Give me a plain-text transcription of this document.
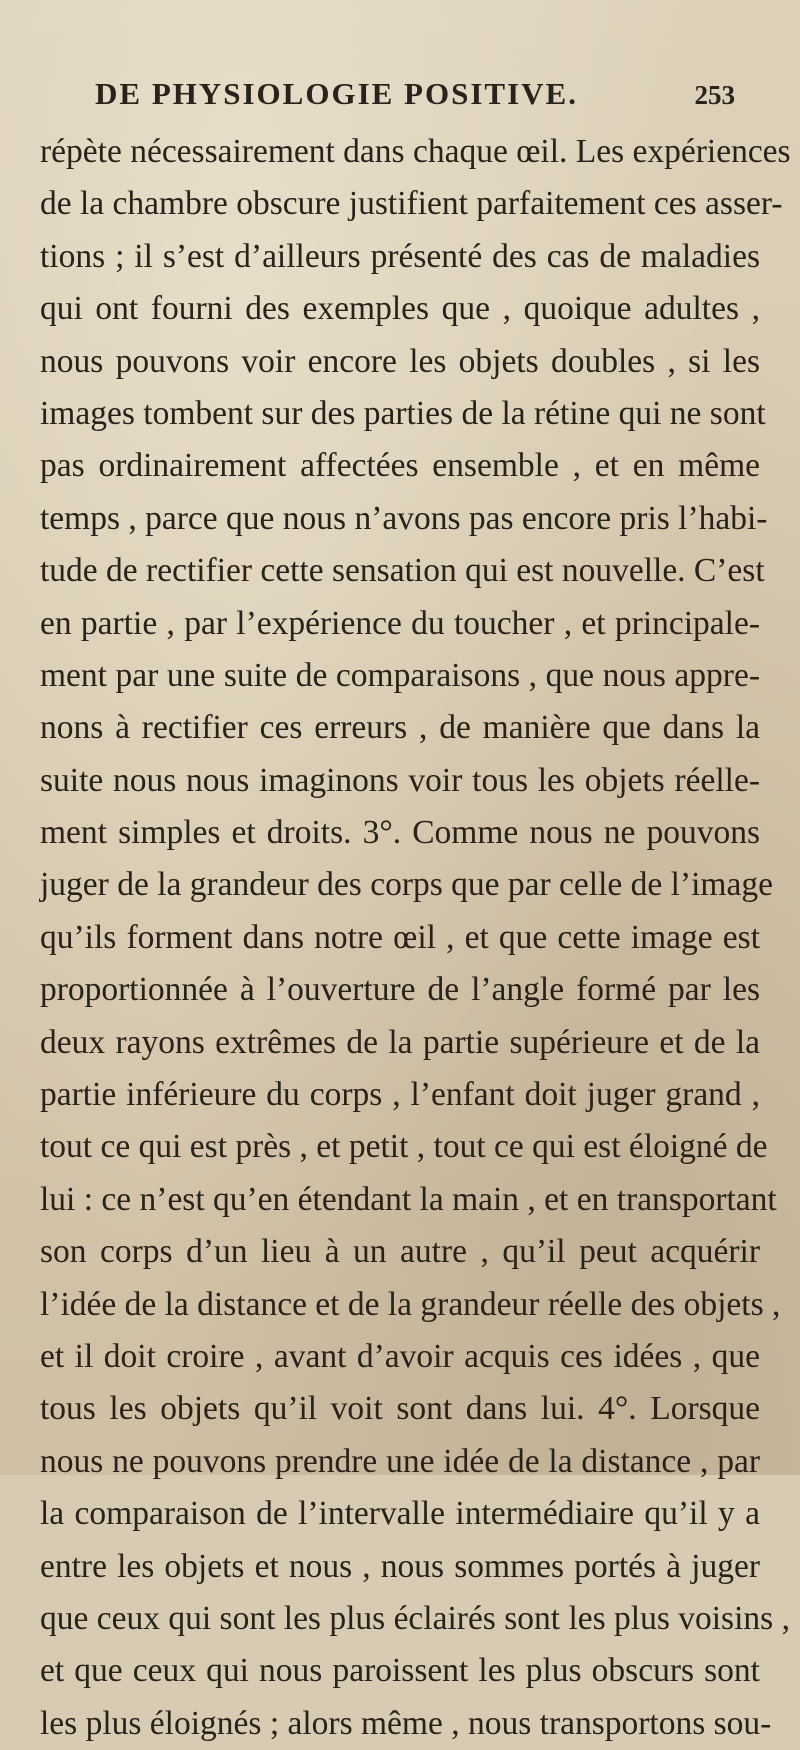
DE PHYSIOLOGIE POSITIVE.	253
répète nécessairement dans chaque œil. Les expériences
de la chambre obscure justifient parfaitement ces asser-
tions ; il s’est d’ailleurs présenté des cas de maladies
qui ont fourni des exemples que , quoique adultes ,
nous pouvons voir encore les objets doubles , si les
images tombent sur des parties de la rétine qui ne sont
pas ordinairement affectées ensemble , et en même
temps , parce que nous n’avons pas encore pris l’habi-
tude de rectifier cette sensation qui est nouvelle. C’est
en partie , par l’expérience du toucher , et principale-
ment par une suite de comparaisons , que nous appre-
nons à rectifier ces erreurs , de manière que dans la
suite nous nous imaginons voir tous les objets réelle-
ment simples et droits. 3°. Comme nous ne pouvons
juger de la grandeur des corps que par celle de l’image
qu’ils forment dans notre œil , et que cette image est
proportionnée à l’ouverture de l’angle formé par les
deux rayons extrêmes de la partie supérieure et de la
partie inférieure du corps , l’enfant doit juger grand ,
tout ce qui est près , et petit , tout ce qui est éloigné de
lui : ce n’est qu’en étendant la main , et en transportant
son corps d’un lieu à un autre , qu’il peut acquérir
l’idée de la distance et de la grandeur réelle des objets ,
et il doit croire , avant d’avoir acquis ces idées , que
tous les objets qu’il voit sont dans lui. 4°. Lorsque
nous ne pouvons prendre une idée de la distance , par
la comparaison de l’intervalle intermédiaire qu’il y a
entre les objets et nous , nous sommes portés à juger
que ceux qui sont les plus éclairés sont les plus voisins ,
et que ceux qui nous paroissent les plus obscurs sont
les plus éloignés ; alors même , nous transportons sou-
